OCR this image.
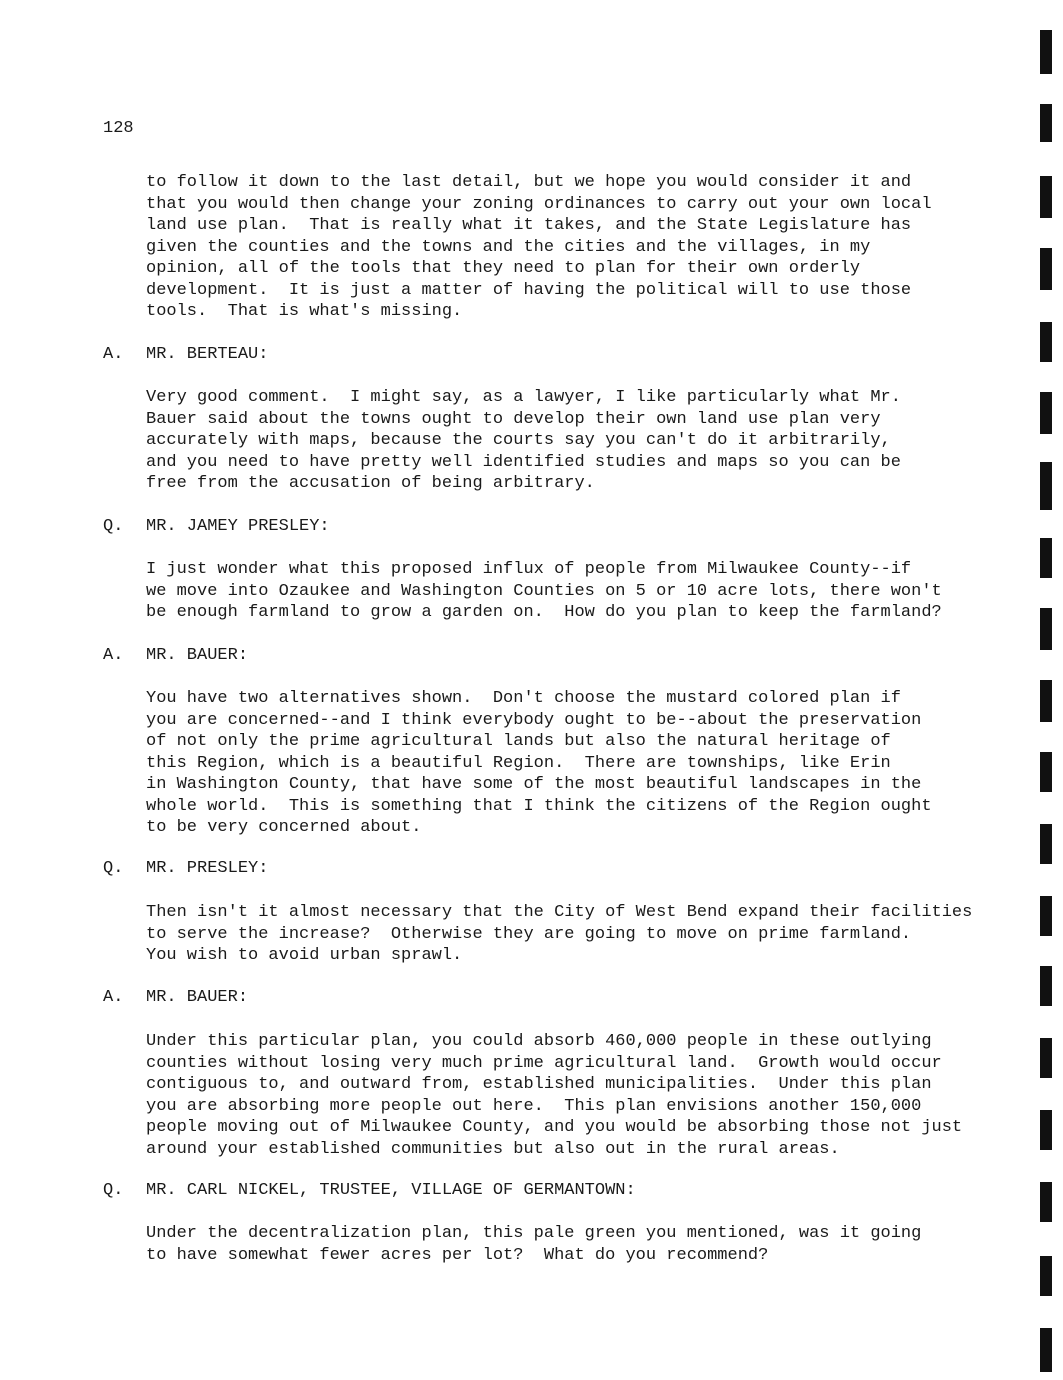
128
to follow it down to the last detail, but we hope you would consider it and
that you would then change your zoning ordinances to carry out your own local
land use plan.  That is really what it takes, and the State Legislature has
given the counties and the towns and the cities and the villages, in my
opinion, all of the tools that they need to plan for their own orderly
development.  It is just a matter of having the political will to use those
tools.  That is what's missing.

A.

MR. BERTEAU:

Very good comment.  I might say, as a lawyer, I like particularly what Mr.
Bauer said about the towns ought to develop their own land use plan very
accurately with maps, because the courts say you can't do it arbitrarily,
and you need to have pretty well identified studies and maps so you can be
free from the accusation of being arbitrary.

Q.

MR. JAMEY PRESLEY:

I just wonder what this proposed influx of people from Milwaukee County--if
we move into Ozaukee and Washington Counties on 5 or 10 acre lots, there won't
be enough farmland to grow a garden on.  How do you plan to keep the farmland?

A.

MR. BAUER:

You have two alternatives shown.  Don't choose the mustard colored plan if
you are concerned--and I think everybody ought to be--about the preservation
of not only the prime agricultural lands but also the natural heritage of
this Region, which is a beautiful Region.  There are townships, like Erin
in Washington County, that have some of the most beautiful landscapes in the
whole world.  This is something that I think the citizens of the Region ought
to be very concerned about.

Q.

MR. PRESLEY:

Then isn't it almost necessary that the City of West Bend expand their facilities
to serve the increase?  Otherwise they are going to move on prime farmland.
You wish to avoid urban sprawl.

A.

MR. BAUER:

Under this particular plan, you could absorb 460,000 people in these outlying
counties without losing very much prime agricultural land.  Growth would occur
contiguous to, and outward from, established municipalities.  Under this plan
you are absorbing more people out here.  This plan envisions another 150,000
people moving out of Milwaukee County, and you would be absorbing those not just
around your established communities but also out in the rural areas.

Q.

MR. CARL NICKEL, TRUSTEE, VILLAGE OF GERMANTOWN:

Under the decentralization plan, this pale green you mentioned, was it going
to have somewhat fewer acres per lot?  What do you recommend?
